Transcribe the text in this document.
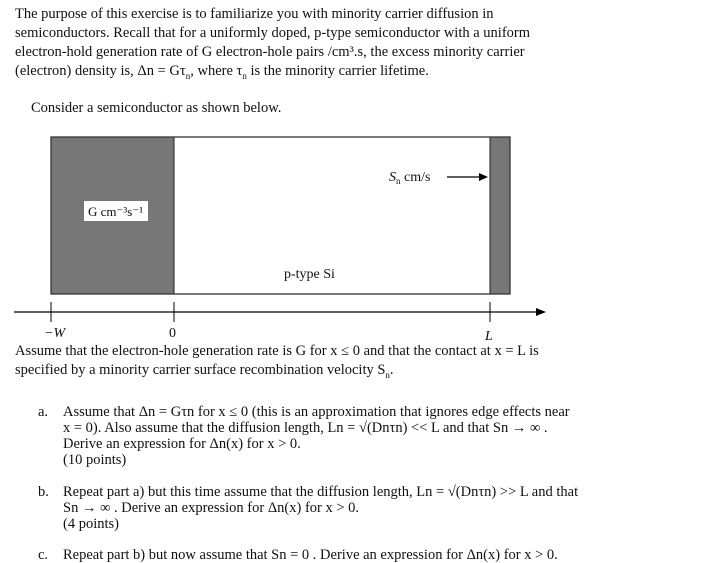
The purpose of this exercise is to familiarize you with minority carrier diffusion in

semiconductors. Recall that for a uniformly doped, p-type semiconductor with a uniform

electron-hold generation rate of G electron-hole pairs /cm³.s, the excess minority carrier

(electron) density is, $\Delta n = G\tau_n$, where $\tau_n$ is the minority carrier lifetime.

Consider a semiconductor as shown below.
G cm⁻³s⁻¹
p-type Si
$S_n$ cm/s
−W	0	L

Assume that the electron-hole generation rate is G for x ≤ 0 and that the contact at x = L is

specified by a minority carrier surface recombination velocity $S_n$.

a. Assume that Δn = Gτn for x ≤ 0 (this is an approximation that ignores edge effects near

x = 0). Also assume that the diffusion length, Ln = √(Dnτn) << L and that Sn → ∞ .

Derive an expression for Δn(x) for x > 0.

(10 points)
b. Repeat part a) but this time assume that the diffusion length, Ln = √(Dnτn) >> L and that

Sn → ∞ . Derive an expression for Δn(x) for x > 0.

(4 points)
c. Repeat part b) but now assume that Sn = 0 . Derive an expression for Δn(x) for x > 0.
